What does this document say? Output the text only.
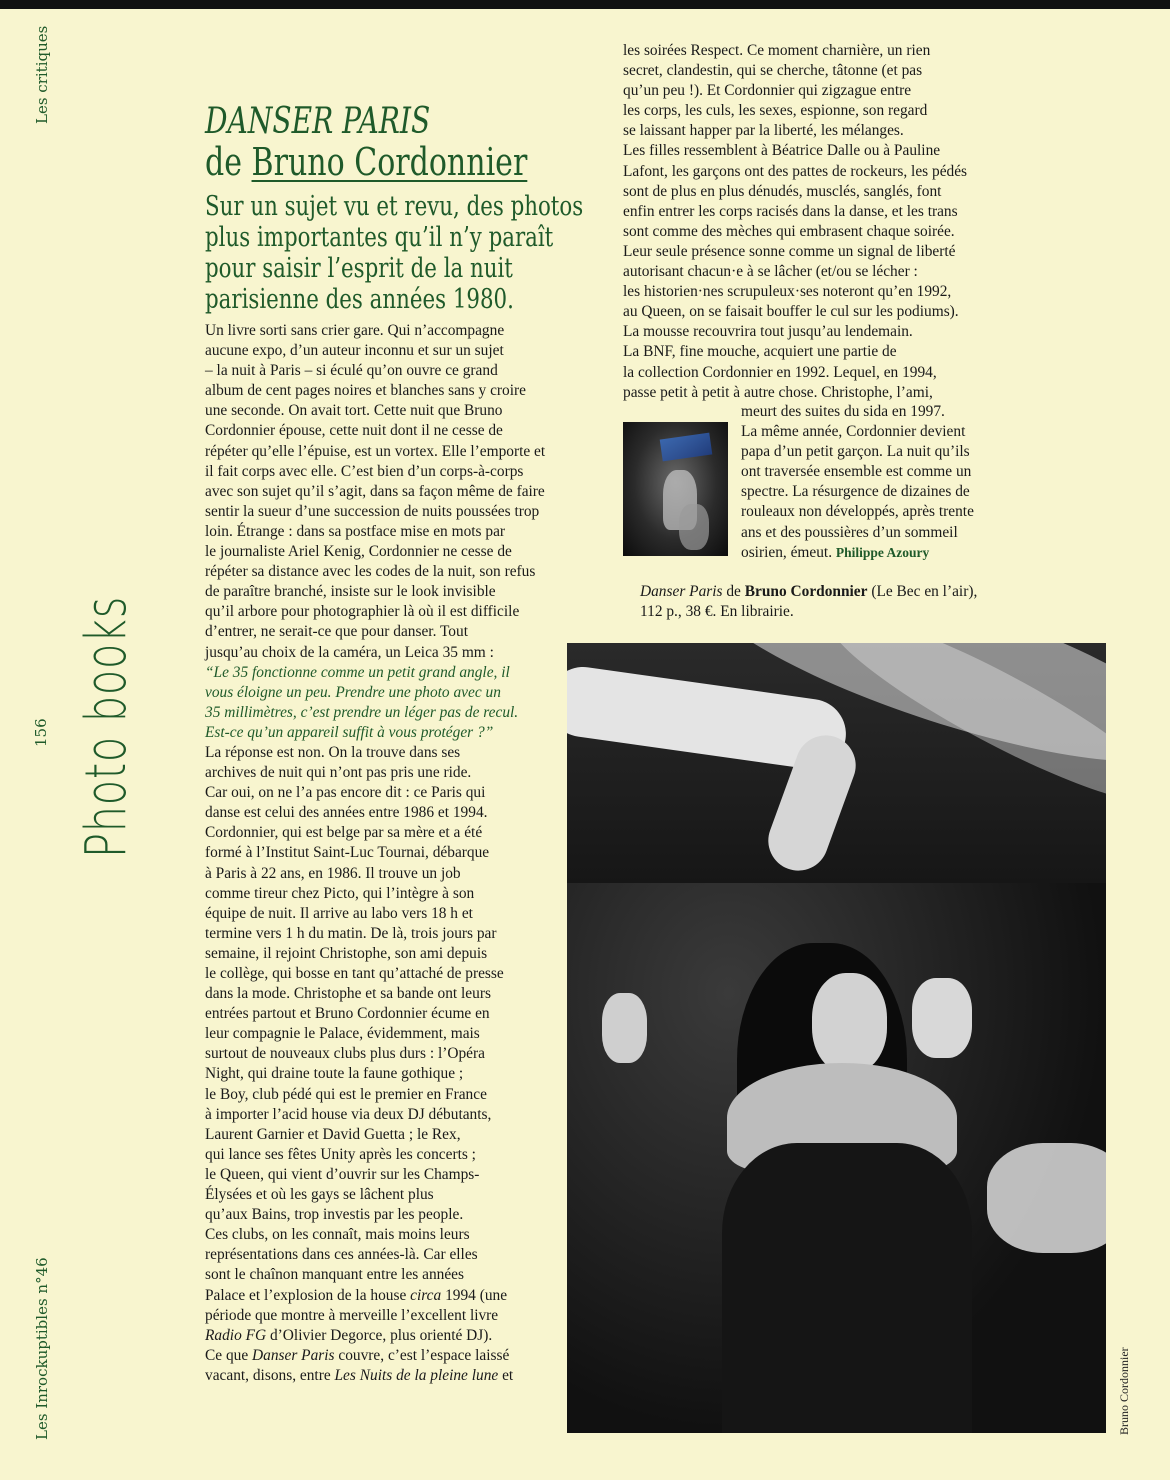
Les critiques
156 Photo books
Les Inrockuptibles n°46
DANSER PARIS
de Bruno Cordonnier
Sur un sujet vu et revu, des photos plus importantes qu’il n’y paraît pour saisir l’esprit de la nuit parisienne des années 1980.
Un livre sorti sans crier gare. Qui n’accompagne
aucune expo, d’un auteur inconnu et sur un sujet
– la nuit à Paris – si éculé qu’on ouvre ce grand
album de cent pages noires et blanches sans y croire
une seconde. On avait tort. Cette nuit que Bruno
Cordonnier épouse, cette nuit dont il ne cesse de
répéter qu’elle l’épuise, est un vortex. Elle l’emporte et
il fait corps avec elle. C’est bien d’un corps-à-corps
avec son sujet qu’il s’agit, dans sa façon même de faire
sentir la sueur d’une succession de nuits poussées trop
loin. Étrange : dans sa postface mise en mots par
le journaliste Ariel Kenig, Cordonnier ne cesse de
répéter sa distance avec les codes de la nuit, son refus
de paraître branché, insiste sur le look invisible
qu’il arbore pour photographier là où il est difficile
d’entrer, ne serait-ce que pour danser. Tout
jusqu’au choix de la caméra, un Leica 35 mm :
“Le 35 fonctionne comme un petit grand angle, il
vous éloigne un peu. Prendre une photo avec un
35 millimètres, c’est prendre un léger pas de recul.
Est-ce qu’un appareil suffit à vous protéger ?”
La réponse est non. On la trouve dans ses
archives de nuit qui n’ont pas pris une ride.
Car oui, on ne l’a pas encore dit : ce Paris qui
danse est celui des années entre 1986 et 1994.
Cordonnier, qui est belge par sa mère et a été
formé à l’Institut Saint-Luc Tournai, débarque
à Paris à 22 ans, en 1986. Il trouve un job
comme tireur chez Picto, qui l’intègre à son
équipe de nuit. Il arrive au labo vers 18 h et
termine vers 1 h du matin. De là, trois jours par
semaine, il rejoint Christophe, son ami depuis
le collège, qui bosse en tant qu’attaché de presse
dans la mode. Christophe et sa bande ont leurs
entrées partout et Bruno Cordonnier écume en
leur compagnie le Palace, évidemment, mais
surtout de nouveaux clubs plus durs : l’Opéra
Night, qui draine toute la faune gothique ;
le Boy, club pédé qui est le premier en France
à importer l’acid house via deux DJ débutants,
Laurent Garnier et David Guetta ; le Rex,
qui lance ses fêtes Unity après les concerts ;
le Queen, qui vient d’ouvrir sur les Champs-
Élysées et où les gays se lâchent plus
qu’aux Bains, trop investis par les people.
Ces clubs, on les connaît, mais moins leurs
représentations dans ces années-là. Car elles
sont le chaînon manquant entre les années
Palace et l’explosion de la house circa 1994 (une
période que montre à merveille l’excellent livre
Radio FG d’Olivier Degorce, plus orienté DJ).
Ce que Danser Paris couvre, c’est l’espace laissé
vacant, disons, entre Les Nuits de la pleine lune et
les soirées Respect. Ce moment charnière, un rien
secret, clandestin, qui se cherche, tâtonne (et pas
qu’un peu !). Et Cordonnier qui zigzague entre
les corps, les culs, les sexes, espionne, son regard
se laissant happer par la liberté, les mélanges.
Les filles ressemblent à Béatrice Dalle ou à Pauline
Lafont, les garçons ont des pattes de rockeurs, les pédés
sont de plus en plus dénudés, musclés, sanglés, font
enfin entrer les corps racisés dans la danse, et les trans
sont comme des mèches qui embrasent chaque soirée.
Leur seule présence sonne comme un signal de liberté
autorisant chacun·e à se lâcher (et/ou se lécher :
les historien·nes scrupuleux·ses noteront qu’en 1992,
au Queen, on se faisait bouffer le cul sur les podiums).
La mousse recouvrira tout jusqu’au lendemain.
La BNF, fine mouche, acquiert une partie de
la collection Cordonnier en 1992. Lequel, en 1994,
passe petit à petit à autre chose. Christophe, l’ami,
meurt des suites du sida en 1997.
La même année, Cordonnier devient
papa d’un petit garçon. La nuit qu’ils
ont traversée ensemble est comme un
spectre. La résurgence de dizaines de
rouleaux non développés, après trente
ans et des poussières d’un sommeil
osirien, émeut. Philippe Azoury
Danser Paris de Bruno Cordonnier (Le Bec en l’air), 112 p., 38 €. En librairie.
Bruno Cordonnier
